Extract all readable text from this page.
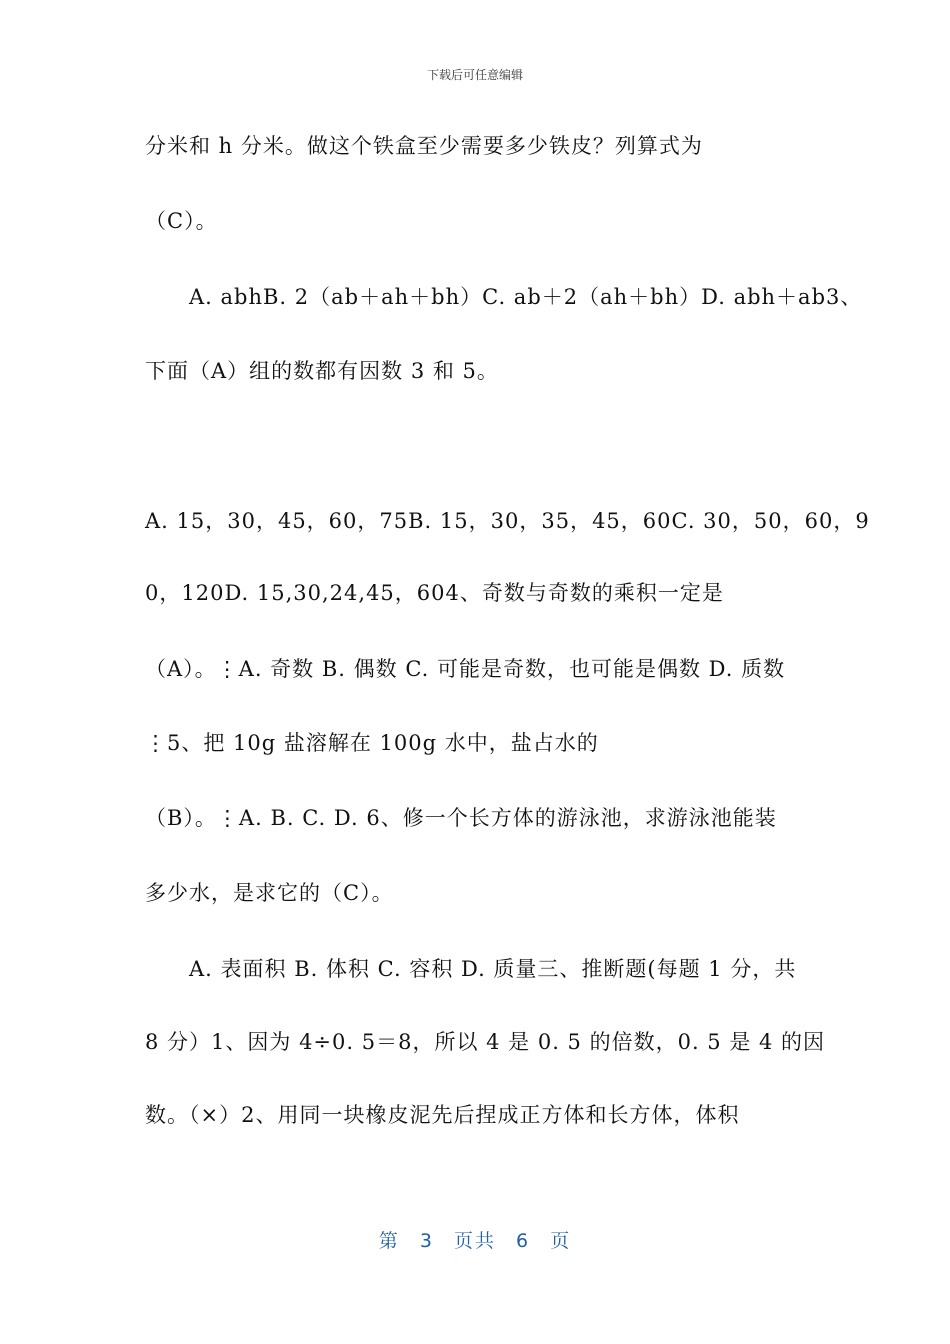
下载后可任意编辑
分米和 h 分米。做这个铁盒至少需要多少铁皮？列算式为
（C）。
A. abhB. 2（ab＋ah＋bh）C. ab＋2（ah＋bh）D. abh＋ab3、
下面（A）组的数都有因数 3 和 5。
A. 15，30，45，60，75B. 15，30，35，45，60C. 30，50，60，9
0，120D. 15,30,24,45，604、奇数与奇数的乘积一定是
（A）。⋮A. 奇数 B. 偶数 C. 可能是奇数，也可能是偶数 D. 质数
⋮5、把 10g 盐溶解在 100g 水中，盐占水的
（B）。⋮A. B. C. D. 6、修一个长方体的游泳池，求游泳池能装
多少水，是求它的（C）。
A. 表面积 B. 体积 C. 容积 D. 质量三、推断题(每题 1 分，共
8 分）1、因为 4÷0. 5＝8，所以 4 是 0. 5 的倍数，0. 5 是 4 的因
数。（×）2、用同一块橡皮泥先后捏成正方体和长方体，体积
第 3 页共 6 页
